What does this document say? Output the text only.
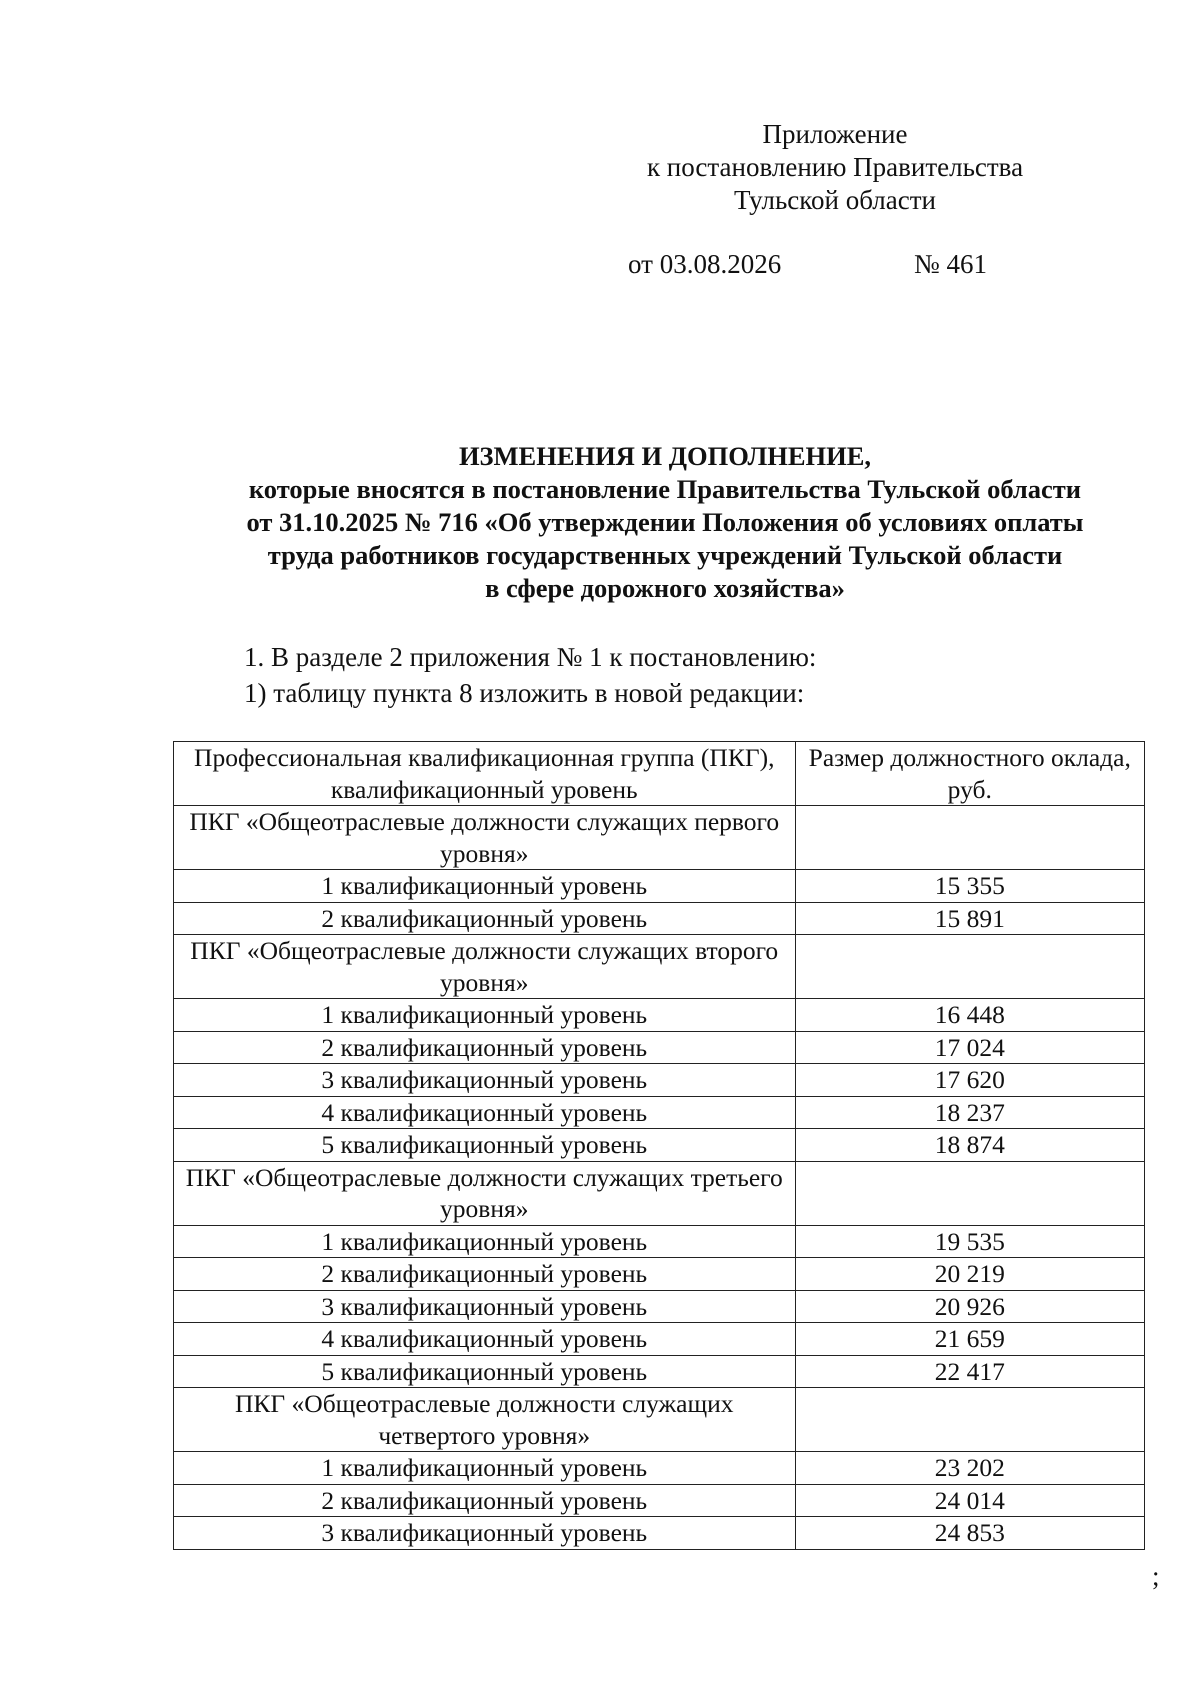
Приложение
к постановлению Правительства
Тульской области
от 03.08.2026	№ 461
ИЗМЕНЕНИЯ И ДОПОЛНЕНИЕ,
которые вносятся в постановление Правительства Тульской области
от 31.10.2025 № 716 «Об утверждении Положения об условиях оплаты
труда работников государственных учреждений Тульской области
в сфере дорожного хозяйства»
1. В разделе 2 приложения № 1 к постановлению:
1) таблицу пункта 8 изложить в новой редакции:
Профессиональная квалификационная группа (ПКГ), квалификационный уровень	Размер должностного оклада, руб.
ПКГ «Общеотраслевые должности служащих первого уровня»	
1 квалификационный уровень	15 355
2 квалификационный уровень	15 891
ПКГ «Общеотраслевые должности служащих второго уровня»	
1 квалификационный уровень	16 448
2 квалификационный уровень	17 024
3 квалификационный уровень	17 620
4 квалификационный уровень	18 237
5 квалификационный уровень	18 874
ПКГ «Общеотраслевые должности служащих третьего уровня»	
1 квалификационный уровень	19 535
2 квалификационный уровень	20 219
3 квалификационный уровень	20 926
4 квалификационный уровень	21 659
5 квалификационный уровень	22 417
ПКГ «Общеотраслевые должности служащих четвертого уровня»	
1 квалификационный уровень	23 202
2 квалификационный уровень	24 014
3 квалификационный уровень	24 853
;
